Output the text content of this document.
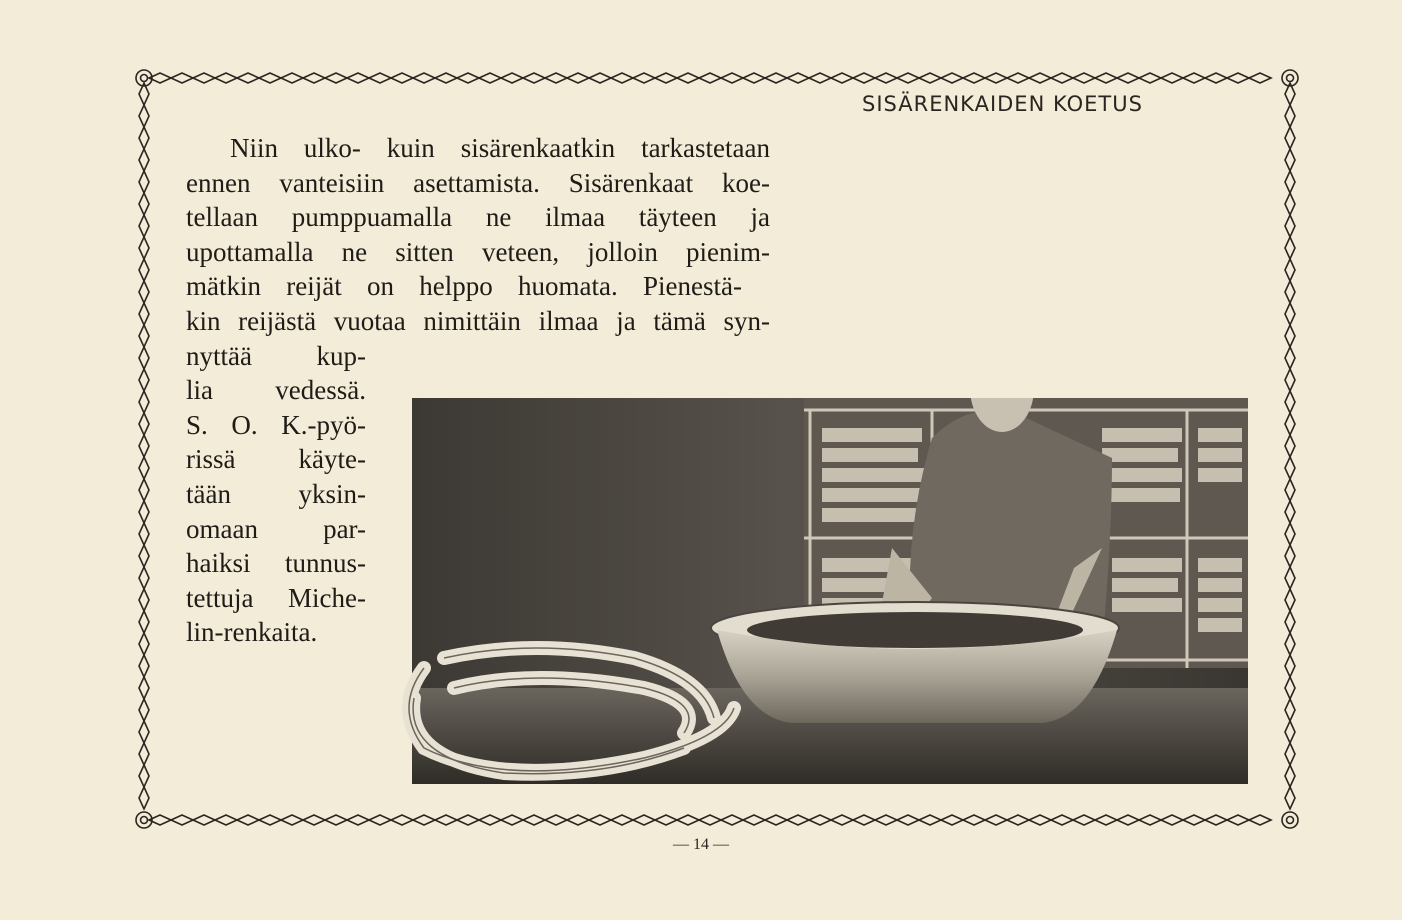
SISÄRENKAIDEN KOETUS
Niin ulko- kuin sisärenkaatkin tarkastetaan
ennen vanteisiin asettamista. Sisärenkaat koe-
tellaan pumppuamalla ne ilmaa täyteen ja
upottamalla ne sitten veteen, jolloin pienim-
mätkin reijät on helppo huomata. Pienestä-
kin reijästä vuotaa nimittäin ilmaa ja tämä syn-
nyttää kup-
lia vedessä.
S. O. K.-pyö-
rissä käyte-
tään yksin-
omaan par-
haiksi tunnus-
tettuja Miche-
lin-renkaita.
— 14 —
